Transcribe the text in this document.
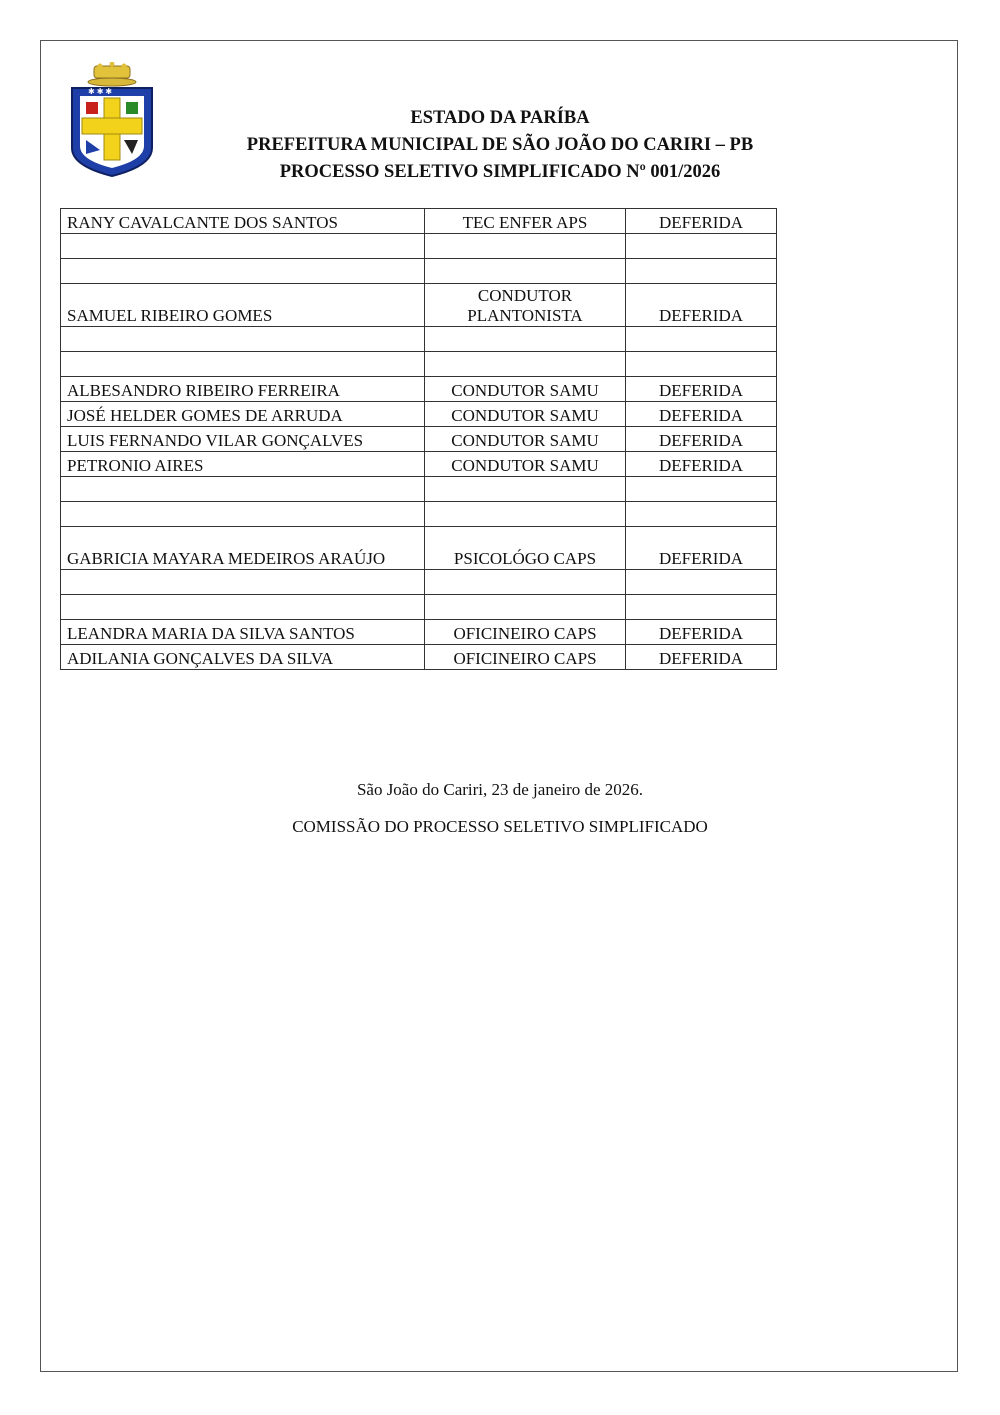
✱ ✱ ✱
ESTADO DA PARÍBA
PREFEITURA MUNICIPAL DE SÃO JOÃO DO CARIRI – PB
PROCESSO SELETIVO SIMPLIFICADO Nº 001/2026
RANY CAVALCANTE DOS SANTOS	TEC ENFER APS	DEFERIDA

SAMUEL RIBEIRO GOMES	CONDUTOR PLANTONISTA	DEFERIDA

ALBESANDRO RIBEIRO FERREIRA	CONDUTOR SAMU	DEFERIDA
JOSÉ HELDER GOMES DE ARRUDA	CONDUTOR SAMU	DEFERIDA
LUIS FERNANDO VILAR GONÇALVES	CONDUTOR SAMU	DEFERIDA
PETRONIO AIRES	CONDUTOR SAMU	DEFERIDA

GABRICIA MAYARA MEDEIROS ARAÚJO	PSICOLÓGO CAPS	DEFERIDA

LEANDRA MARIA DA SILVA SANTOS	OFICINEIRO CAPS	DEFERIDA
ADILANIA GONÇALVES DA SILVA	OFICINEIRO CAPS	DEFERIDA
São João do Cariri, 23 de janeiro de 2026.
COMISSÃO DO PROCESSO SELETIVO SIMPLIFICADO
